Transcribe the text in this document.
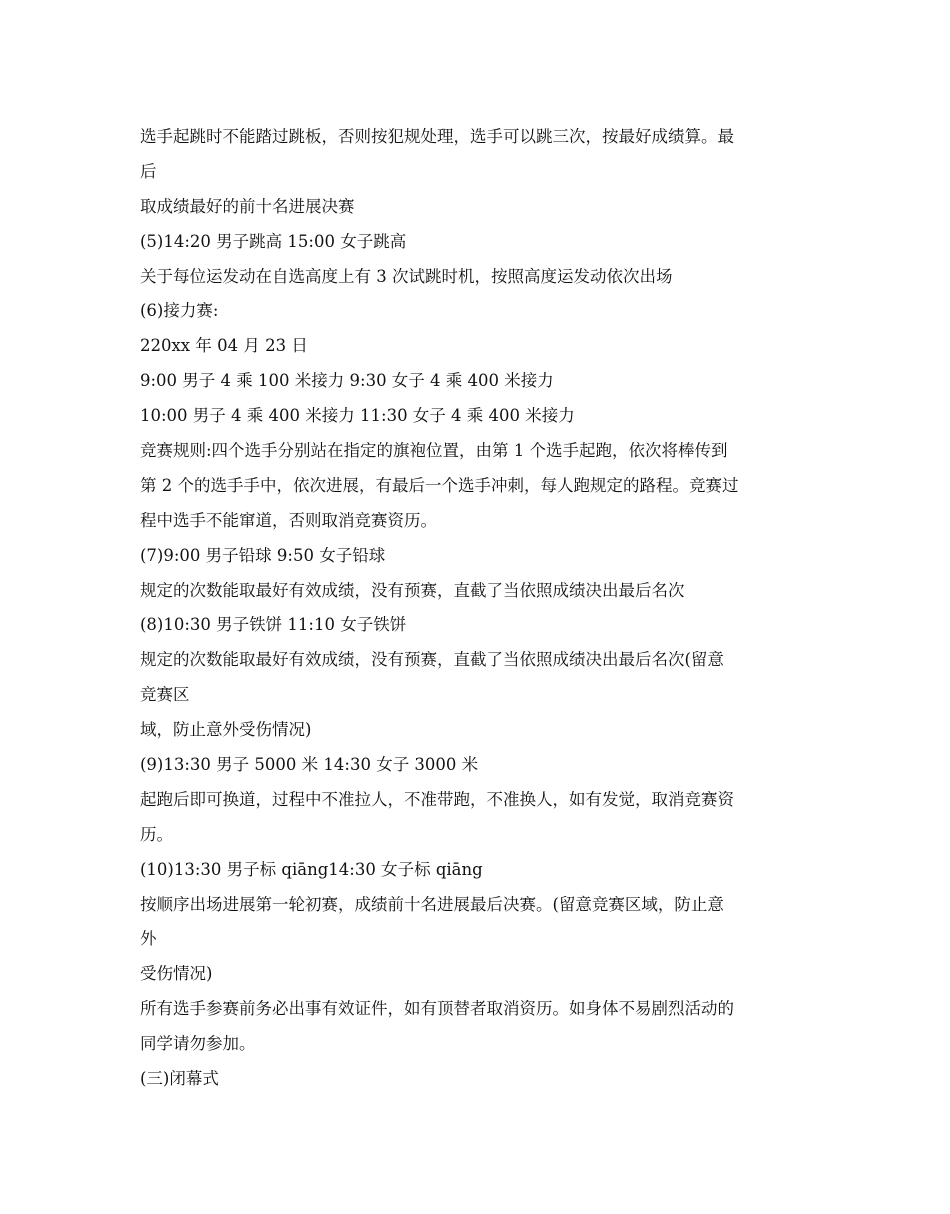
选手起跳时不能踏过跳板，否则按犯规处理，选手可以跳三次，按最好成绩算。最
后
取成绩最好的前十名进展决赛
(5)14:20 男子跳高 15:00 女子跳高
关于每位运发动在自选高度上有 3 次试跳时机，按照高度运发动依次出场
(6)接力赛:
220xx 年 04 月 23 日
9:00 男子 4 乘 100 米接力 9:30 女子 4 乘 400 米接力
10:00 男子 4 乘 400 米接力 11:30 女子 4 乘 400 米接力
竞赛规则:四个选手分别站在指定的旗袍位置，由第 1 个选手起跑，依次将棒传到
第 2 个的选手手中，依次进展，有最后一个选手冲刺，每人跑规定的路程。竞赛过
程中选手不能窜道，否则取消竞赛资历。
(7)9:00 男子铅球 9:50 女子铅球
规定的次数能取最好有效成绩，没有预赛，直截了当依照成绩决出最后名次
(8)10:30 男子铁饼 11:10 女子铁饼
规定的次数能取最好有效成绩，没有预赛，直截了当依照成绩决出最后名次(留意
竞赛区
域，防止意外受伤情况)
(9)13:30 男子 5000 米 14:30 女子 3000 米
起跑后即可换道，过程中不准拉人，不准带跑，不准换人，如有发觉，取消竞赛资
历。
(10)13:30 男子标 qiāng14:30 女子标 qiāng
按顺序出场进展第一轮初赛，成绩前十名进展最后决赛。(留意竞赛区域，防止意
外
受伤情况)
所有选手参赛前务必出事有效证件，如有顶替者取消资历。如身体不易剧烈活动的
同学请勿参加。
(三)闭幕式
